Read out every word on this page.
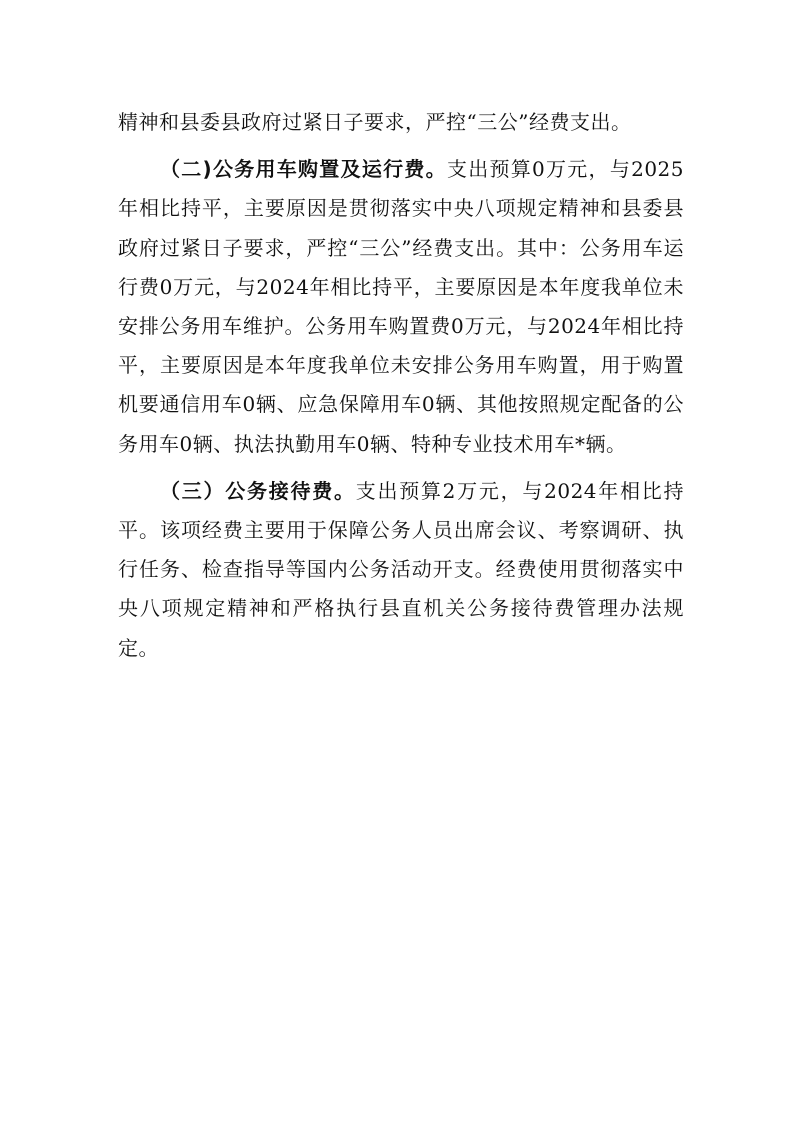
精神和县委县政府过紧日子要求，严控“三公”经费支出。

（二)公务用车购置及运行费。支出预算0万元，与2025年相比持平，主要原因是贯彻落实中央八项规定精神和县委县政府过紧日子要求，严控“三公”经费支出。其中：公务用车运行费0万元，与2024年相比持平，主要原因是本年度我单位未安排公务用车维护。公务用车购置费0万元，与2024年相比持平，主要原因是本年度我单位未安排公务用车购置，用于购置机要通信用车0辆、应急保障用车0辆、其他按照规定配备的公务用车0辆、执法执勤用车0辆、特种专业技术用车*辆。

（三）公务接待费。支出预算2万元，与2024年相比持平。该项经费主要用于保障公务人员出席会议、考察调研、执行任务、检查指导等国内公务活动开支。经费使用贯彻落实中央八项规定精神和严格执行县直机关公务接待费管理办法规定。
